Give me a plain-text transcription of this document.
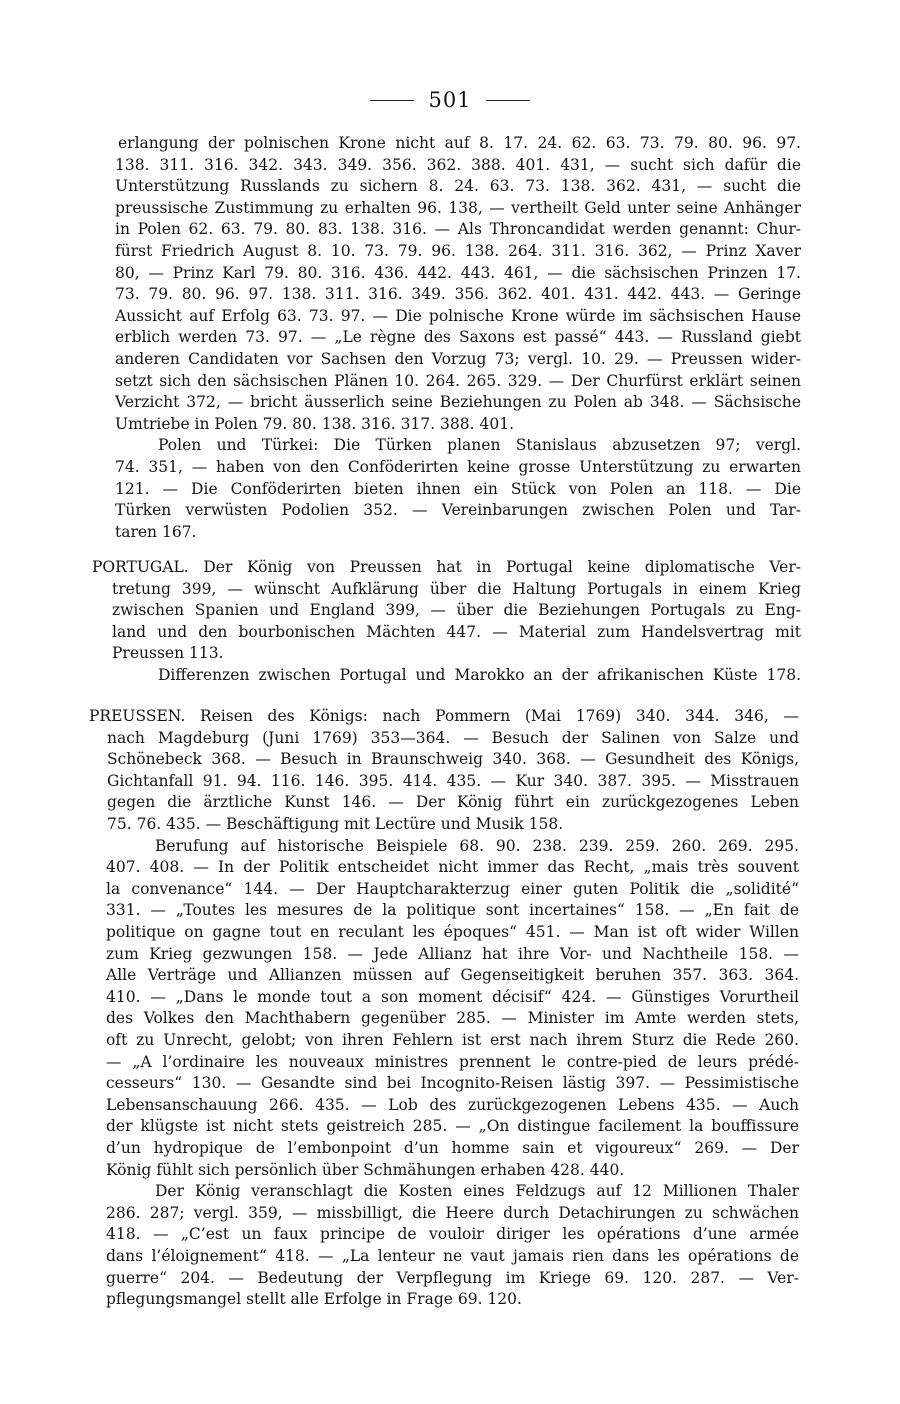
501
erlangung der polnischen Krone nicht auf 8. 17. 24. 62. 63. 73. 79. 80. 96. 97.
138. 311. 316. 342. 343. 349. 356. 362. 388. 401. 431, — sucht sich dafür die
Unterstützung Russlands zu sichern 8. 24. 63. 73. 138. 362. 431, — sucht die
preussische Zustimmung zu erhalten 96. 138, — vertheilt Geld unter seine Anhänger
in Polen 62. 63. 79. 80. 83. 138. 316. — Als Throncandidat werden genannt: Chur-
fürst Friedrich August 8. 10. 73. 79. 96. 138. 264. 311. 316. 362, — Prinz Xaver
80, — Prinz Karl 79. 80. 316. 436. 442. 443. 461, — die sächsischen Prinzen 17.
73. 79. 80. 96. 97. 138. 311. 316. 349. 356. 362. 401. 431. 442. 443. — Geringe
Aussicht auf Erfolg 63. 73. 97. — Die polnische Krone würde im sächsischen Hause
erblich werden 73. 97. — „Le règne des Saxons est passé“ 443. — Russland giebt
anderen Candidaten vor Sachsen den Vorzug 73; vergl. 10. 29. — Preussen wider-
setzt sich den sächsischen Plänen 10. 264. 265. 329. — Der Churfürst erklärt seinen
Verzicht 372, — bricht äusserlich seine Beziehungen zu Polen ab 348. — Sächsische
Umtriebe in Polen 79. 80. 138. 316. 317. 388. 401.
Polen und Türkei: Die Türken planen Stanislaus abzusetzen 97; vergl.
74. 351, — haben von den Conföderirten keine grosse Unterstützung zu erwarten
121. — Die Conföderirten bieten ihnen ein Stück von Polen an 118. — Die
Türken verwüsten Podolien 352. — Vereinbarungen zwischen Polen und Tar-
taren 167.
PORTUGAL. Der König von Preussen hat in Portugal keine diplomatische Ver-
tretung 399, — wünscht Aufklärung über die Haltung Portugals in einem Krieg
zwischen Spanien und England 399, — über die Beziehungen Portugals zu Eng-
land und den bourbonischen Mächten 447. — Material zum Handelsvertrag mit
Preussen 113.
Differenzen zwischen Portugal und Marokko an der afrikanischen Küste 178.
PREUSSEN. Reisen des Königs: nach Pommern (Mai 1769) 340. 344. 346, —
nach Magdeburg (Juni 1769) 353—364. — Besuch der Salinen von Salze und
Schönebeck 368. — Besuch in Braunschweig 340. 368. — Gesundheit des Königs,
Gichtanfall 91. 94. 116. 146. 395. 414. 435. — Kur 340. 387. 395. — Misstrauen
gegen die ärztliche Kunst 146. — Der König führt ein zurückgezogenes Leben
75. 76. 435. — Beschäftigung mit Lectüre und Musik 158.
Berufung auf historische Beispiele 68. 90. 238. 239. 259. 260. 269. 295.
407. 408. — In der Politik entscheidet nicht immer das Recht, „mais très souvent
la convenance“ 144. — Der Hauptcharakterzug einer guten Politik die „solidité“
331. — „Toutes les mesures de la politique sont incertaines“ 158. — „En fait de
politique on gagne tout en reculant les époques“ 451. — Man ist oft wider Willen
zum Krieg gezwungen 158. — Jede Allianz hat ihre Vor- und Nachtheile 158. —
Alle Verträge und Allianzen müssen auf Gegenseitigkeit beruhen 357. 363. 364.
410. — „Dans le monde tout a son moment décisif“ 424. — Günstiges Vorurtheil
des Volkes den Machthabern gegenüber 285. — Minister im Amte werden stets,
oft zu Unrecht, gelobt; von ihren Fehlern ist erst nach ihrem Sturz die Rede 260.
— „A l’ordinaire les nouveaux ministres prennent le contre-pied de leurs prédé-
cesseurs“ 130. — Gesandte sind bei Incognito-Reisen lästig 397. — Pessimistische
Lebensanschauung 266. 435. — Lob des zurückgezogenen Lebens 435. — Auch
der klügste ist nicht stets geistreich 285. — „On distingue facilement la bouffissure
d’un hydropique de l’embonpoint d’un homme sain et vigoureux“ 269. — Der
König fühlt sich persönlich über Schmähungen erhaben 428. 440.
Der König veranschlagt die Kosten eines Feldzugs auf 12 Millionen Thaler
286. 287; vergl. 359, — missbilligt, die Heere durch Detachirungen zu schwächen
418. — „C’est un faux principe de vouloir diriger les opérations d’une armée
dans l’éloignement“ 418. — „La lenteur ne vaut jamais rien dans les opérations de
guerre“ 204. — Bedeutung der Verpflegung im Kriege 69. 120. 287. — Ver-
pflegungsmangel stellt alle Erfolge in Frage 69. 120.
